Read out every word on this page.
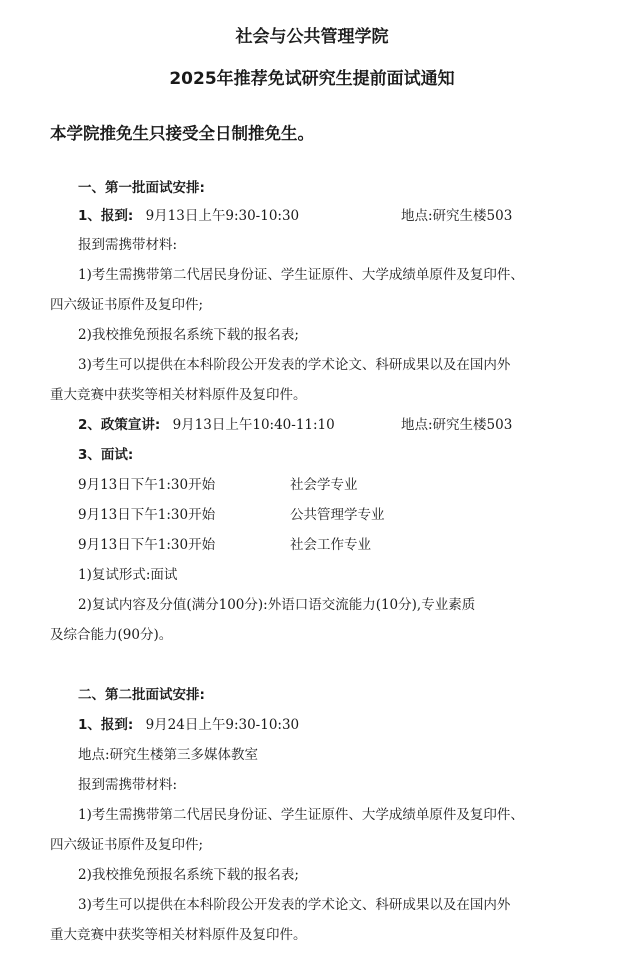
社会与公共管理学院
2025年推荐免试研究生提前面试通知
本学院推免生只接受全日制推免生。
一、第一批面试安排:
1、报到: 9月13日上午9:30-10:30	地点:研究生楼503
报到需携带材料:
1)考生需携带第二代居民身份证、学生证原件、大学成绩单原件及复印件、
四六级证书原件及复印件;
2)我校推免预报名系统下载的报名表;
3)考生可以提供在本科阶段公开发表的学术论文、科研成果以及在国内外
重大竞赛中获奖等相关材料原件及复印件。
2、政策宣讲: 9月13日上午10:40-11:10	地点:研究生楼503
3、面试:
9月13日下午1:30开始	社会学专业
9月13日下午1:30开始	公共管理学专业
9月13日下午1:30开始	社会工作专业
1)复试形式:面试
2)复试内容及分值(满分100分):外语口语交流能力(10分),专业素质
及综合能力(90分)。
二、第二批面试安排:
1、报到: 9月24日上午9:30-10:30
地点:研究生楼第三多媒体教室
报到需携带材料:
1)考生需携带第二代居民身份证、学生证原件、大学成绩单原件及复印件、
四六级证书原件及复印件;
2)我校推免预报名系统下载的报名表;
3)考生可以提供在本科阶段公开发表的学术论文、科研成果以及在国内外
重大竞赛中获奖等相关材料原件及复印件。
